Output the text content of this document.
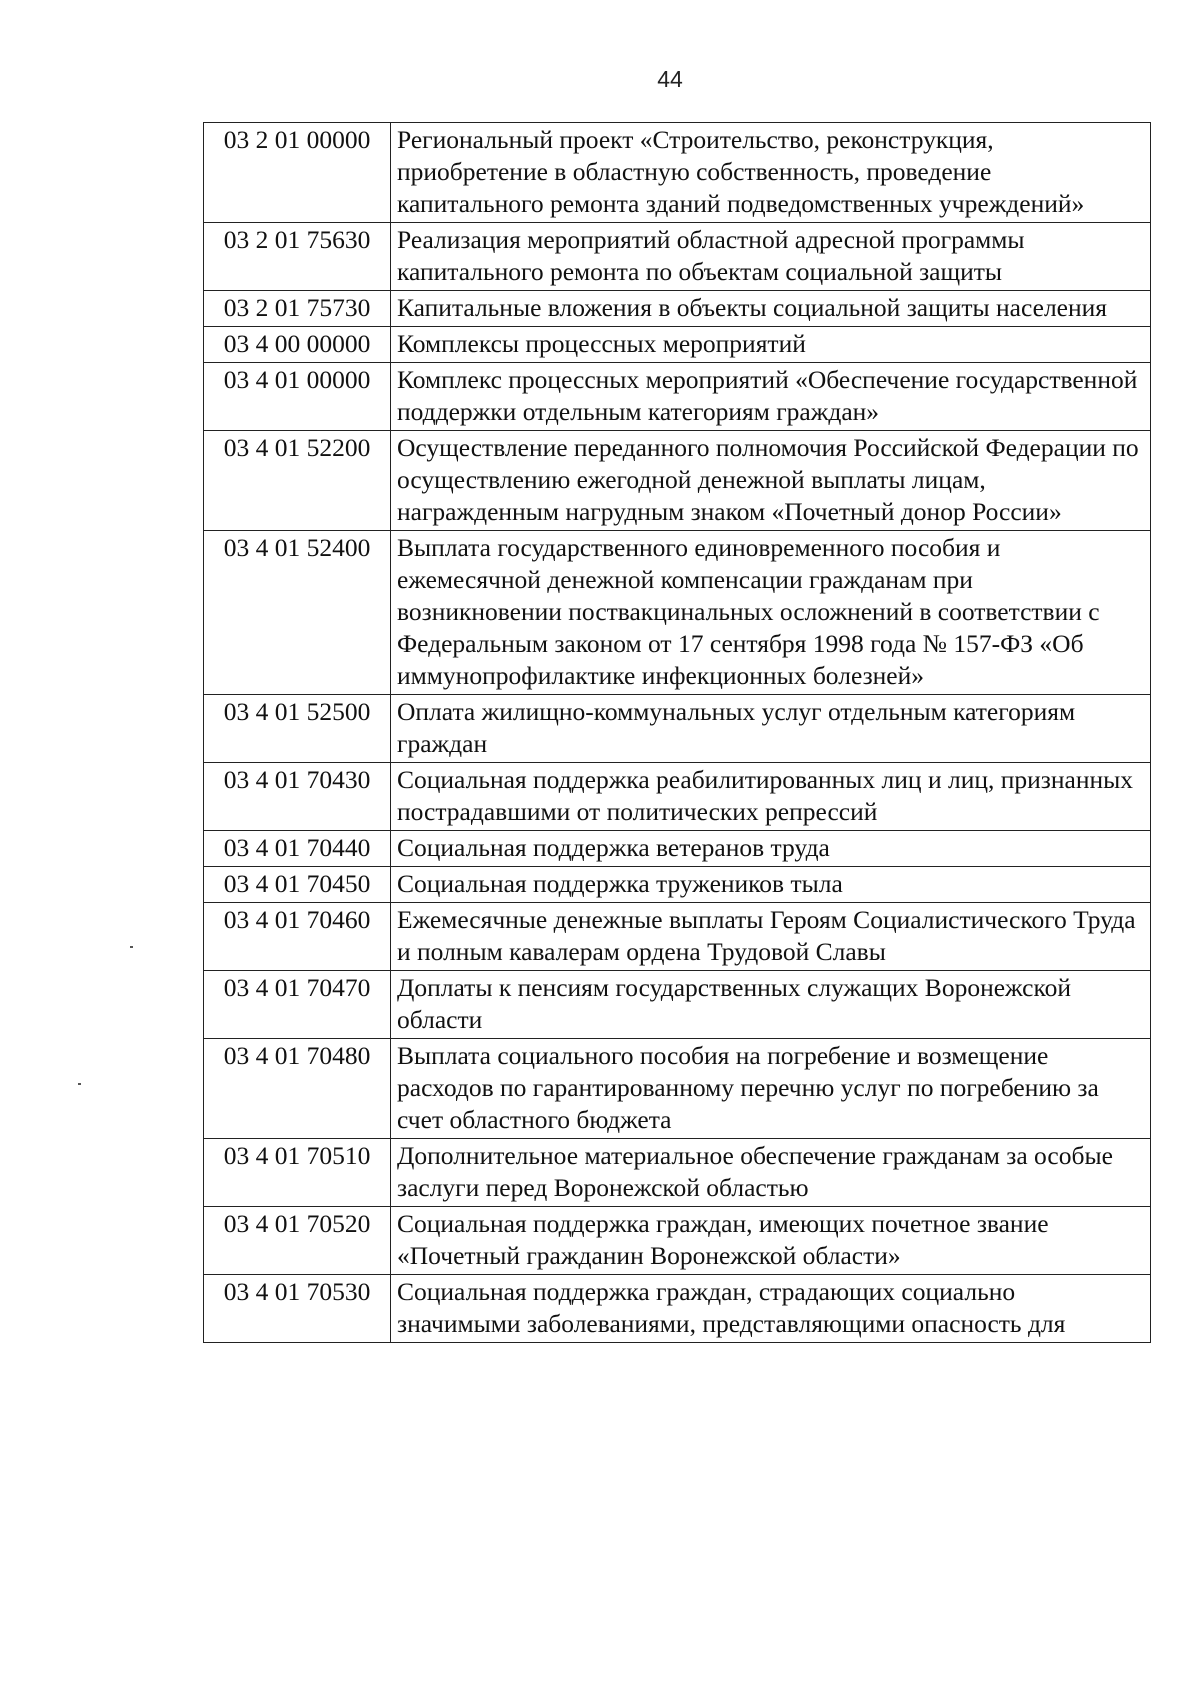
44
03 2 01 00000	Региональный проект «Строительство, реконструкция, приобретение в областную собственность, проведение капитального ремонта зданий подведомственных учреждений»
03 2 01 75630	Реализация мероприятий областной адресной программы капитального ремонта по объектам социальной защиты
03 2 01 75730	Капитальные вложения в объекты социальной защиты населения
03 4 00 00000	Комплексы процессных мероприятий
03 4 01 00000	Комплекс процессных мероприятий «Обеспечение государственной поддержки отдельным категориям граждан»
03 4 01 52200	Осуществление переданного полномочия Российской Федерации по осуществлению ежегодной денежной выплаты лицам, награжденным нагрудным знаком «Почетный донор России»
03 4 01 52400	Выплата государственного единовременного пособия и ежемесячной денежной компенсации гражданам при возникновении поствакцинальных осложнений в соответствии с Федеральным законом от 17 сентября 1998 года № 157-ФЗ «Об иммунопрофилактике инфекционных болезней»
03 4 01 52500	Оплата жилищно-коммунальных услуг отдельным категориям граждан
03 4 01 70430	Социальная поддержка реабилитированных лиц и лиц, признанных пострадавшими от политических репрессий
03 4 01 70440	Социальная поддержка ветеранов труда
03 4 01 70450	Социальная поддержка тружеников тыла
03 4 01 70460	Ежемесячные денежные выплаты Героям Социалистического Труда и полным кавалерам ордена Трудовой Славы
03 4 01 70470	Доплаты к пенсиям государственных служащих Воронежской области
03 4 01 70480	Выплата социального пособия на погребение и возмещение расходов по гарантированному перечню услуг по погребению за счет областного бюджета
03 4 01 70510	Дополнительное материальное обеспечение гражданам за особые заслуги перед Воронежской областью
03 4 01 70520	Социальная поддержка граждан, имеющих почетное звание «Почетный гражданин Воронежской области»
03 4 01 70530	Социальная поддержка граждан, страдающих социально значимыми заболеваниями, представляющими опасность для
